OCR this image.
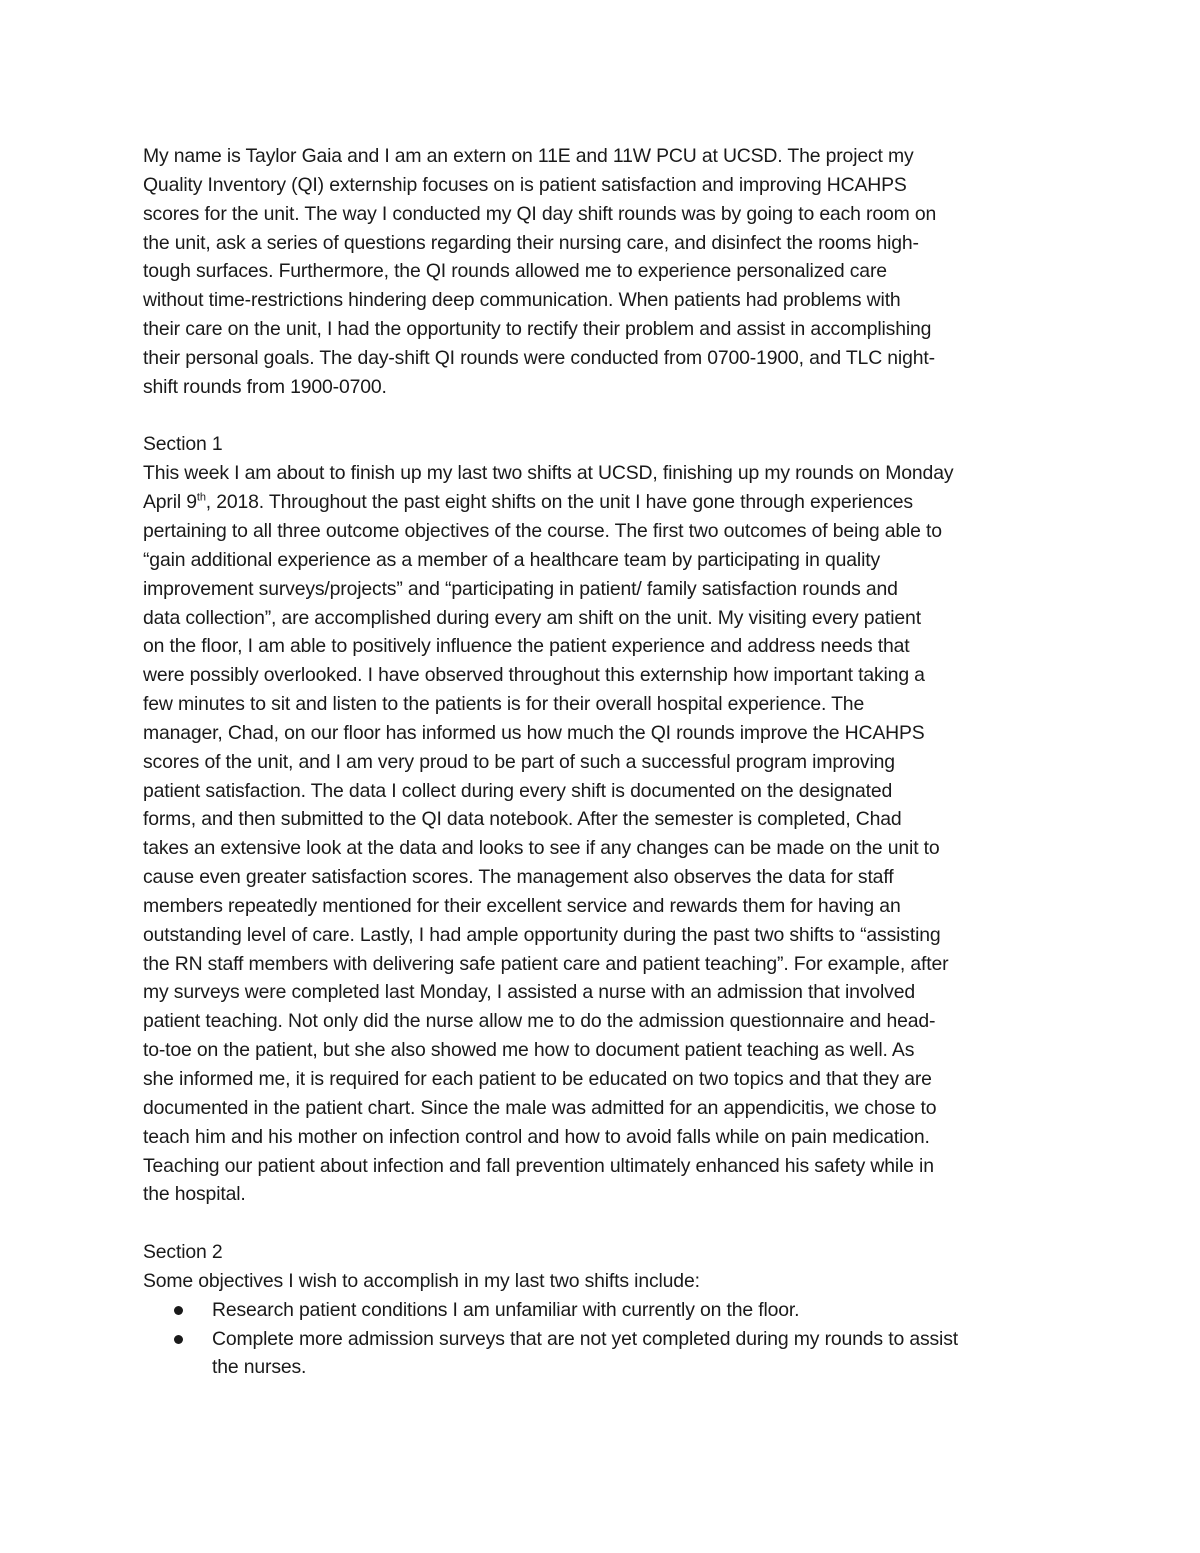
My name is Taylor Gaia and I am an extern on 11E and 11W PCU at UCSD. The project my
Quality Inventory (QI) externship focuses on is patient satisfaction and improving HCAHPS
scores for the unit. The way I conducted my QI day shift rounds was by going to each room on
the unit, ask a series of questions regarding their nursing care, and disinfect the rooms high-
tough surfaces. Furthermore, the QI rounds allowed me to experience personalized care
without time-restrictions hindering deep communication. When patients had problems with
their care on the unit, I had the opportunity to rectify their problem and assist in accomplishing
their personal goals. The day-shift QI rounds were conducted from 0700-1900, and TLC night-
shift rounds from 1900-0700.
Section 1
This week I am about to finish up my last two shifts at UCSD, finishing up my rounds on Monday
April 9th, 2018. Throughout the past eight shifts on the unit I have gone through experiences
pertaining to all three outcome objectives of the course. The first two outcomes of being able to
“gain additional experience as a member of a healthcare team by participating in quality
improvement surveys/projects” and “participating in patient/ family satisfaction rounds and
data collection”, are accomplished during every am shift on the unit. My visiting every patient
on the floor, I am able to positively influence the patient experience and address needs that
were possibly overlooked. I have observed throughout this externship how important taking a
few minutes to sit and listen to the patients is for their overall hospital experience. The
manager, Chad, on our floor has informed us how much the QI rounds improve the HCAHPS
scores of the unit, and I am very proud to be part of such a successful program improving
patient satisfaction. The data I collect during every shift is documented on the designated
forms, and then submitted to the QI data notebook. After the semester is completed, Chad
takes an extensive look at the data and looks to see if any changes can be made on the unit to
cause even greater satisfaction scores. The management also observes the data for staff
members repeatedly mentioned for their excellent service and rewards them for having an
outstanding level of care. Lastly, I had ample opportunity during the past two shifts to “assisting
the RN staff members with delivering safe patient care and patient teaching”. For example, after
my surveys were completed last Monday, I assisted a nurse with an admission that involved
patient teaching. Not only did the nurse allow me to do the admission questionnaire and head-
to-toe on the patient, but she also showed me how to document patient teaching as well. As
she informed me, it is required for each patient to be educated on two topics and that they are
documented in the patient chart. Since the male was admitted for an appendicitis, we chose to
teach him and his mother on infection control and how to avoid falls while on pain medication.
Teaching our patient about infection and fall prevention ultimately enhanced his safety while in
the hospital.
Section 2
Some objectives I wish to accomplish in my last two shifts include:
Research patient conditions I am unfamiliar with currently on the floor.
Complete more admission surveys that are not yet completed during my rounds to assist
the nurses.
